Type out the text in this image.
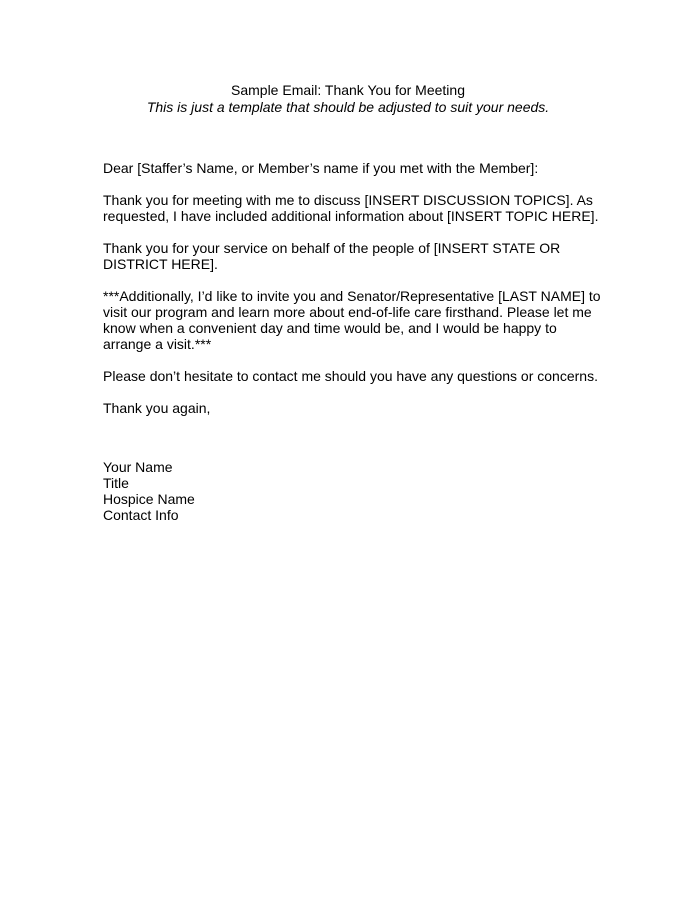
Sample Email: Thank You for Meeting
This is just a template that should be adjusted to suit your needs.

Dear [Staffer’s Name, or Member’s name if you met with the Member]:

Thank you for meeting with me to discuss [INSERT DISCUSSION TOPICS]. As requested, I have included additional information about [INSERT TOPIC HERE].

Thank you for your service on behalf of the people of [INSERT STATE OR DISTRICT HERE].

***Additionally, I’d like to invite you and Senator/Representative [LAST NAME] to visit our program and learn more about end-of-life care firsthand. Please let me know when a convenient day and time would be, and I would be happy to arrange a visit.***

Please don’t hesitate to contact me should you have any questions or concerns.

Thank you again,

Your Name
Title
Hospice Name
Contact Info
